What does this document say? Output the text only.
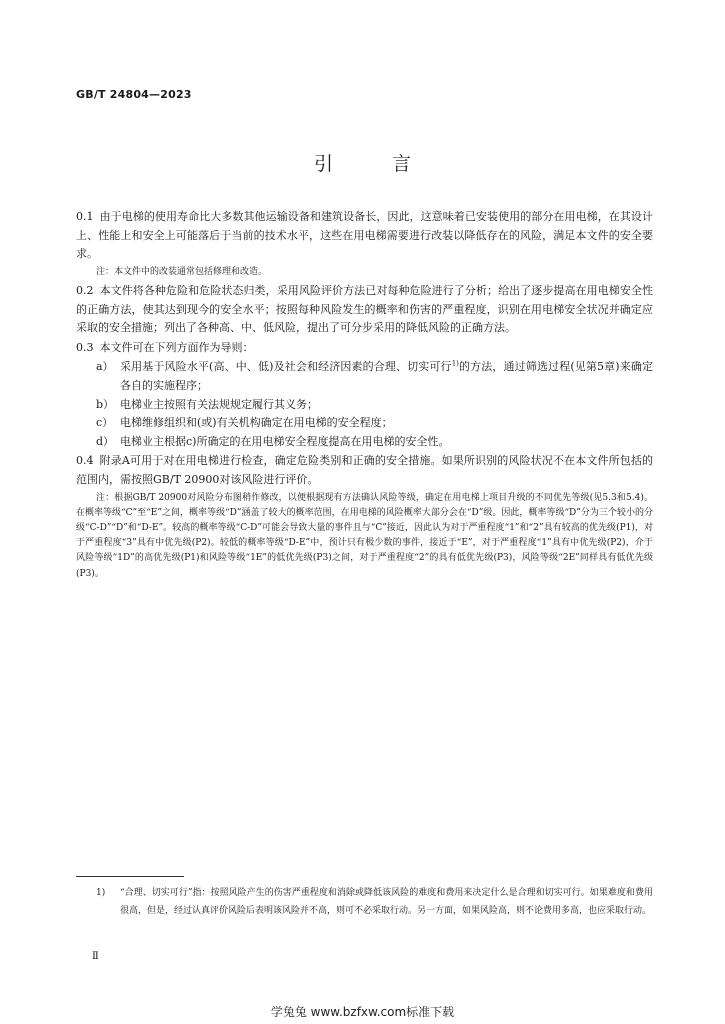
GB/T 24804—2023
引　言

0.1 由于电梯的使用寿命比大多数其他运输设备和建筑设备长，因此，这意味着已安装使用的部分在用电梯，在其设计上、性能上和安全上可能落后于当前的技术水平，这些在用电梯需要进行改装以降低存在的风险，满足本文件的安全要求。

注：本文件中的改装通常包括修理和改造。

0.2 本文件将各种危险和危险状态归类，采用风险评价方法已对每种危险进行了分析；给出了逐步提高在用电梯安全性的正确方法，使其达到现今的安全水平；按照每种风险发生的概率和伤害的严重程度，识别在用电梯安全状况并确定应采取的安全措施；列出了各种高、中、低风险，提出了可分步采用的降低风险的正确方法。

0.3 本文件可在下列方面作为导则：

a） 采用基于风险水平(高、中、低)及社会和经济因素的合理、切实可行$^{1)}$的方法，通过筛选过程(见第5章)来确定各自的实施程序；
b） 电梯业主按照有关法规规定履行其义务；
c） 电梯维修组织和(或)有关机构确定在用电梯的安全程度；
d） 电梯业主根据c)所确定的在用电梯安全程度提高在用电梯的安全性。

0.4 附录A可用于对在用电梯进行检查，确定危险类别和正确的安全措施。如果所识别的风险状况不在本文件所包括的范围内，需按照GB/T 20900对该风险进行评价。

注：根据GB/T 20900对风险分布图稍作修改，以便根据现有方法确认风险等级，确定在用电梯上项目升级的不同优先等级(见5.3和5.4)。在概率等级“C”至“E”之间，概率等级“D”涵盖了较大的概率范围，在用电梯的风险概率大部分会在“D”级。因此，概率等级“D”分为三个较小的分级“C-D”“D”和“D-E”。较高的概率等级“C-D”可能会导致大量的事件且与“C”接近，因此认为对于严重程度“1”和“2”具有较高的优先级(P1)，对于严重程度“3”具有中优先级(P2)。较低的概率等级“D-E”中，预计只有极少数的事件，接近于“E”，对于严重程度“1”具有中优先级(P2)，介于风险等级“1D”的高优先级(P1)和风险等级“1E”的低优先级(P3)之间，对于严重程度“2”的具有低优先级(P3)，风险等级“2E”同样具有低优先级(P3)。

1) “合理、切实可行”指：按照风险产生的伤害严重程度和消除或降低该风险的难度和费用来决定什么是合理和切实可行。如果难度和费用很高，但是，经过认真评价风险后表明该风险并不高，则可不必采取行动。另一方面，如果风险高，则不论费用多高，也应采取行动。
Ⅱ
学兔兔 www.bzfxw.com标准下载
